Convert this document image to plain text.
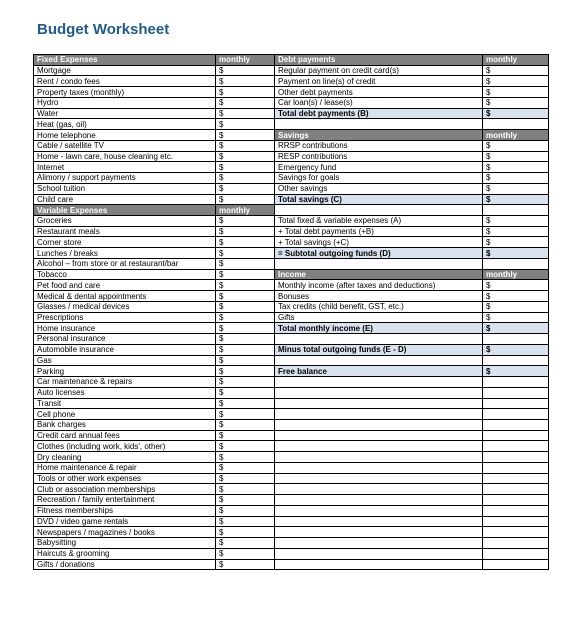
Budget Worksheet
Fixed Expenses	monthly
Mortgage	$
Rent / condo fees	$
Property taxes (monthly)	$
Hydro	$
Water	$
Heat (gas, oil)	$
Home telephone	$
Cable / satellite TV	$
Home - lawn care, house cleaning etc.	$
Internet	$
Alimony / support payments	$
School tuition	$
Child care	$
Variable Expenses	monthly
Groceries	$
Restaurant meals	$
Corner store	$
Lunches / breaks	$
Alcohol – from store or at restaurant/bar	$
Tobacco	$
Pet food and care	$
Medical & dental appointments	$
Glasses / medical devices	$
Prescriptions	$
Home insurance	$
Personal insurance	$
Automobile insurance	$
Gas	$
Parking	$
Car maintenance & repairs	$
Auto licenses	$
Transit	$
Cell phone	$
Bank charges	$
Credit card annual fees	$
Clothes (including work, kids', other)	$
Dry cleaning	$
Home maintenance & repair	$
Tools or other work expenses	$
Club or association memberships	$
Recreation / family entertainment	$
Fitness memberships	$
DVD / video game rentals	$
Newspapers / magazines / books	$
Babysitting	$
Haircuts & grooming	$
Gifts / donations	$
Debt payments	monthly
Regular payment on credit card(s)	$
Payment on line(s) of credit	$
Other debt payments	$
Car loan(s) / lease(s)	$
Total debt payments (B)	$

Savings	monthly
RRSP contributions	$
RESP contributions	$
Emergency fund	$
Savings for goals	$
Other savings	$
Total savings (C)	$

Total fixed & variable expenses (A)	$
+ Total debt payments (+B)	$
+ Total savings (+C)	$
= Subtotal outgoing funds (D)	$

Income	monthly
Monthly income (after taxes and deductions)	$
Bonuses	$
Tax credits (child benefit, GST, etc.)	$
Gifts	$
Total monthly income (E)	$

Minus total outgoing funds (E - D)	$

Free balance	$
